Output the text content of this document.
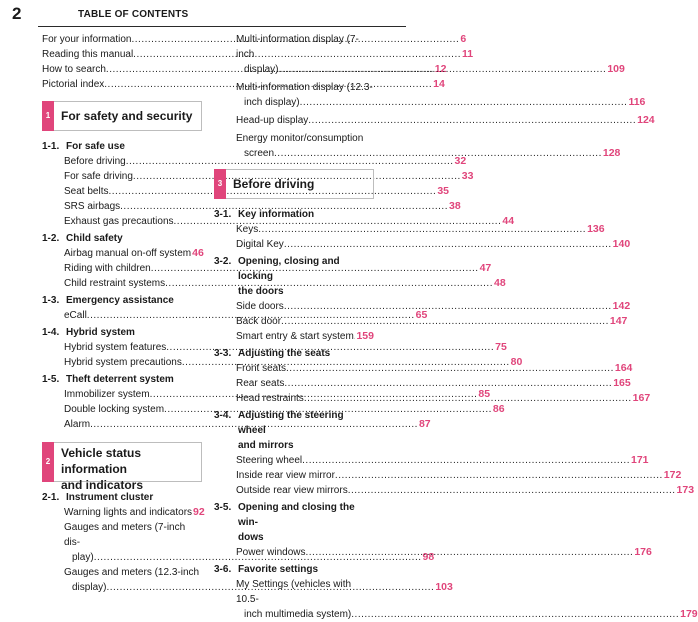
2	TABLE OF CONTENTS
For your information .....	6
Reading this manual .....	11
How to search .....	12
Pictorial index .....	14
1 For safety and security
1-1. For safe use
Before driving .....	32
For safe driving .....	33
Seat belts .....	35
SRS airbags .....	38
Exhaust gas precautions .....	44
1-2. Child safety
Airbag manual on-off system 46
Riding with children .....	47
Child restraint systems .....	48
1-3. Emergency assistance
eCall .....	65
1-4. Hybrid system
Hybrid system features .....	75
Hybrid system precautions .....	80
1-5. Theft deterrent system
Immobilizer system .....	85
Double locking system .....	86
Alarm .....	87
2
Vehicle status information
and indicators
2-1. Instrument cluster
Warning lights and indicators 92
Gauges and meters (7-inch dis-
play) .....	98
Gauges and meters (12.3-inch
display) .....	103
Multi-information display (7-inch
display) .....	109
Multi-information display (12.3-
inch display) .....	116
Head-up display .....	124
Energy monitor/consumption
screen .....	128
3 Before driving
3-1. Key information
Keys .....	136
Digital Key .....	140
3-2. Opening, closing and locking
the doors
Side doors .....	142
Back door .....	147
Smart entry & start system ..... 159
3-3. Adjusting the seats
Front seats .....	164
Rear seats .....	165
Head restraints .....	167
3-4. Adjusting the steering wheel
and mirrors
Steering wheel .....	171
Inside rear view mirror .....	172
Outside rear view mirrors .....	173
3-5. Opening and closing the win-
dows
Power windows .....	176
3-6. Favorite settings
My Settings (vehicles with 10.5-
inch multimedia system) .....	179
